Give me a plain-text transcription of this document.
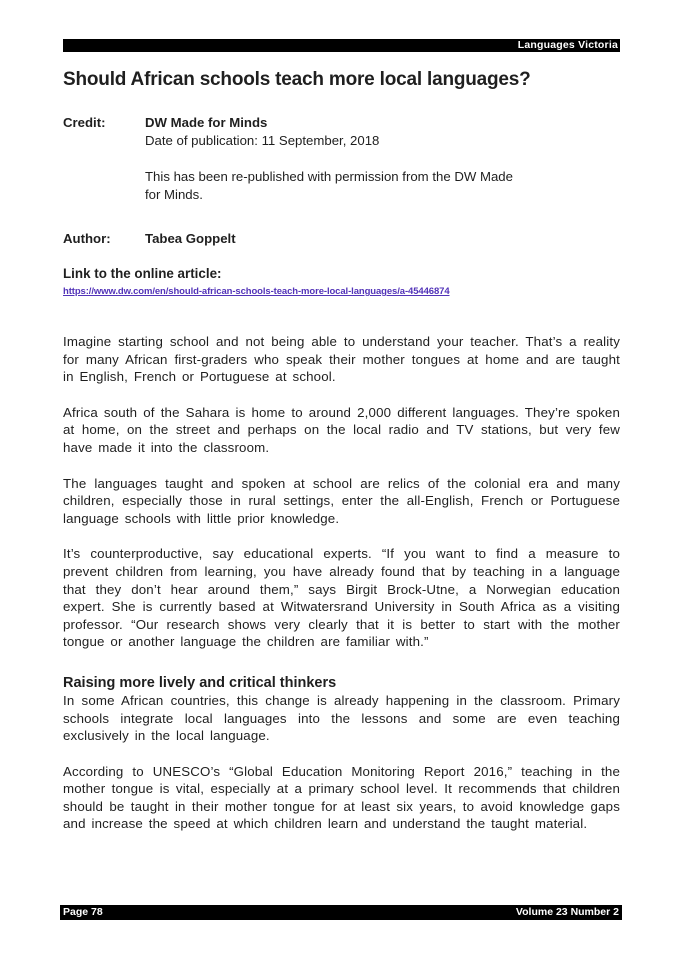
Languages Victoria
Should African schools teach more local languages?
Credit:	DW Made for Minds
Date of publication: 11 September, 2018
This has been re-published with permission from the DW Made for Minds.
Author:	Tabea Goppelt
Link to the online article:
https://www.dw.com/en/should-african-schools-teach-more-local-languages/a-45446874

Imagine starting school and not being able to understand your teacher. That’s a reality for many African first-graders who speak their mother tongues at home and are taught in English, French or Portuguese at school.

Africa south of the Sahara is home to around 2,000 different languages. They’re spoken at home, on the street and perhaps on the local radio and TV stations, but very few have made it into the classroom.

The languages taught and spoken at school are relics of the colonial era and many children, especially those in rural settings, enter the all-English, French or Portuguese language schools with little prior knowledge.

It’s counterproductive, say educational experts. “If you want to find a measure to prevent children from learning, you have already found that by teaching in a language that they don’t hear around them,” says Birgit Brock-Utne, a Norwegian education expert. She is currently based at Witwatersrand University in South Africa as a visiting professor. “Our research shows very clearly that it is better to start with the mother tongue or another language the children are familiar with.”

Raising more lively and critical thinkers

In some African countries, this change is already happening in the classroom. Primary schools integrate local languages into the lessons and some are even teaching exclusively in the local language.

According to UNESCO’s “Global Education Monitoring Report 2016,” teaching in the mother tongue is vital, especially at a primary school level. It recommends that children should be taught in their mother tongue for at least six years, to avoid knowledge gaps and increase the speed at which children learn and understand the taught material.

Page 78	Volume 23 Number 2
